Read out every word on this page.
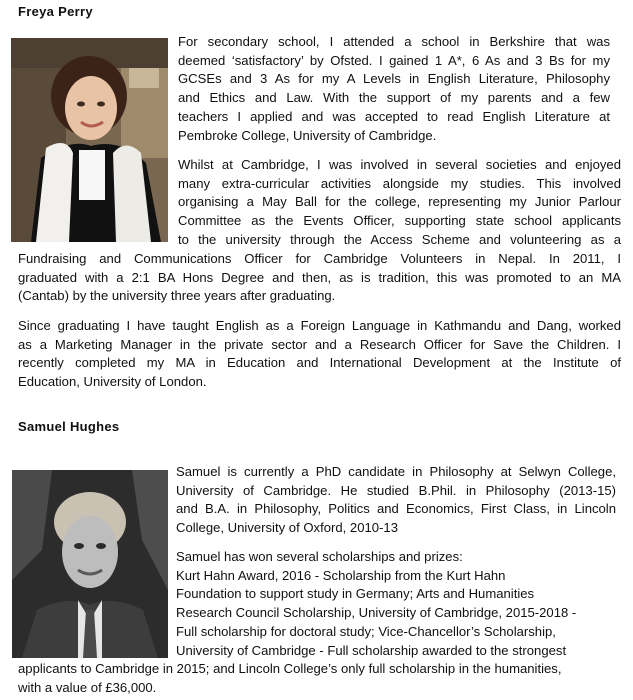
Freya Perry

For secondary school, I attended a school in Berkshire that was
deemed ‘satisfactory’ by Ofsted. I gained 1 A*, 6 As and 3 Bs for my
GCSEs and 3 As for my A Levels in English Literature, Philosophy
and Ethics and Law. With the support of my parents and a few
teachers I applied and was accepted to read English Literature at
Pembroke College, University of Cambridge.

Whilst at Cambridge, I was involved in several societies and enjoyed
many extra-curricular activities alongside my studies. This involved
organising a May Ball for the college, representing my Junior Parlour
Committee as the Events Officer, supporting state school applicants
to the university through the Access Scheme and volunteering as a

Fundraising and Communications Officer for Cambridge Volunteers in Nepal. In 2011, I
graduated with a 2:1 BA Hons Degree and then, as is tradition, this was promoted to an MA
(Cantab) by the university three years after graduating.

Since graduating I have taught English as a Foreign Language in Kathmandu and Dang, worked
as a Marketing Manager in the private sector and a Research Officer for Save the Children. I
recently completed my MA in Education and International Development at the Institute of
Education, University of London.

Samuel Hughes

Samuel is currently a PhD candidate in Philosophy at Selwyn College,
University of Cambridge. He studied B.Phil. in Philosophy (2013-15)
and B.A. in Philosophy, Politics and Economics, First Class, in Lincoln
College, University of Oxford, 2010-13

Samuel has won several scholarships and prizes:
Kurt Hahn Award, 2016 - Scholarship from the Kurt Hahn
Foundation to support study in Germany; Arts and Humanities
Research Council Scholarship, University of Cambridge, 2015-2018 -
Full scholarship for doctoral study; Vice-Chancellor’s Scholarship,
University of Cambridge - Full scholarship awarded to the strongest

applicants to Cambridge in 2015; and Lincoln College’s only full scholarship in the humanities,
with a value of £36,000.
